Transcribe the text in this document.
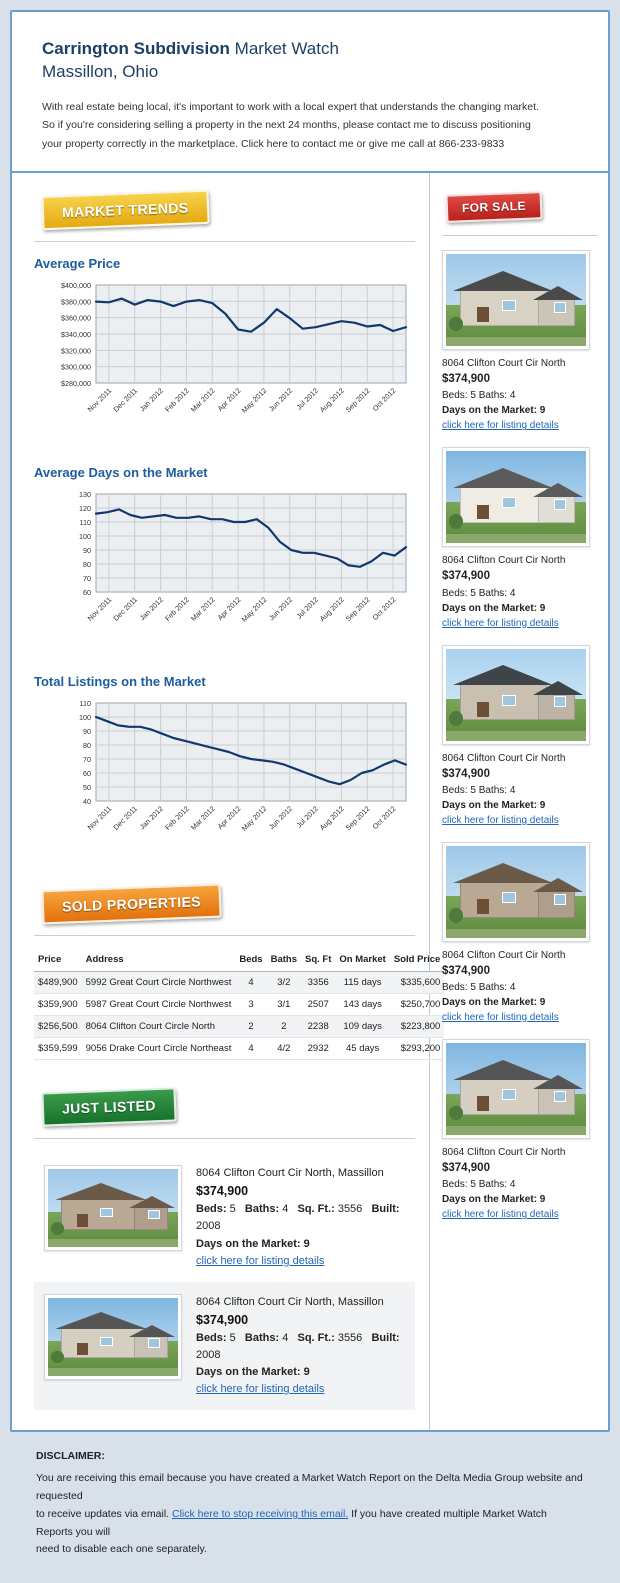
Carrington Subdivision Market Watch
Massillon, Ohio
With real estate being local, it's important to work with a local expert that understands the changing market.
So if you're considering selling a property in the next 24 months, please contact me to discuss positioning
your property correctly in the marketplace. Click here to contact me or give me call at 866-233-9833
MARKET TRENDS
Average Price
$280,000
$300,000
$320,000
$340,000
$360,000
$380,000
$400,000
Nov 2011
Dec 2011
Jan 2012
Feb 2012
Mar 2012
Apr 2012
May 2012
Jun 2012 Jul 2012
Aug 2012
Sep 2012
Oct 2012
Average Days on the Market
60
70
80
90
100
110
120
130
Nov 2011
Dec 2011
Jan 2012
Feb 2012
Mar 2012
Apr 2012
May 2012
Jun 2012 Jul 2012
Aug 2012
Sep 2012
Oct 2012
Total Listings on the Market
40
50
60
70
80
90
100
110
Nov 2011
Dec 2011
Jan 2012
Feb 2012
Mar 2012
Apr 2012
May 2012
Jun 2012 Jul 2012
Aug 2012
Sep 2012
Oct 2012
SOLD PROPERTIES
Price	Address	Beds	Baths	Sq. Ft	On Market	Sold Price
$489,900	5992 Great Court Circle Northwest	4	3/2	3356	115 days	$335,600
$359,900	5987 Great Court Circle Northwest	3	3/1	2507	143 days	$250,700
$256,500	8064 Clifton Court Circle North	2	2	2238	109 days	$223,800
$359,599	9056 Drake Court Circle Northeast	4	4/2	2932	45 days	$293,200
JUST LISTED
8064 Clifton Court Cir North, Massillon
$374,900
Beds: 5   Baths: 4   Sq. Ft.: 3556   Built: 2008
Days on the Market: 9
click here for listing details
8064 Clifton Court Cir North, Massillon
$374,900
Beds: 5   Baths: 4   Sq. Ft.: 3556   Built: 2008
Days on the Market: 9
click here for listing details
FOR SALE
8064 Clifton Court Cir North
$374,900
Beds: 5 Baths: 4
Days on the Market: 9
click here for listing details
8064 Clifton Court Cir North
$374,900
Beds: 5 Baths: 4
Days on the Market: 9
click here for listing details
8064 Clifton Court Cir North
$374,900
Beds: 5 Baths: 4
Days on the Market: 9
click here for listing details
8064 Clifton Court Cir North
$374,900
Beds: 5 Baths: 4
Days on the Market: 9
click here for listing details
8064 Clifton Court Cir North
$374,900
Beds: 5 Baths: 4
Days on the Market: 9
click here for listing details
DISCLAIMER:
You are receiving this email because you have created a Market Watch Report on the Delta Media Group website and requested
to receive updates via email. Click here to stop receiving this email. If you have created multiple Market Watch Reports you will
need to disable each one separately.
